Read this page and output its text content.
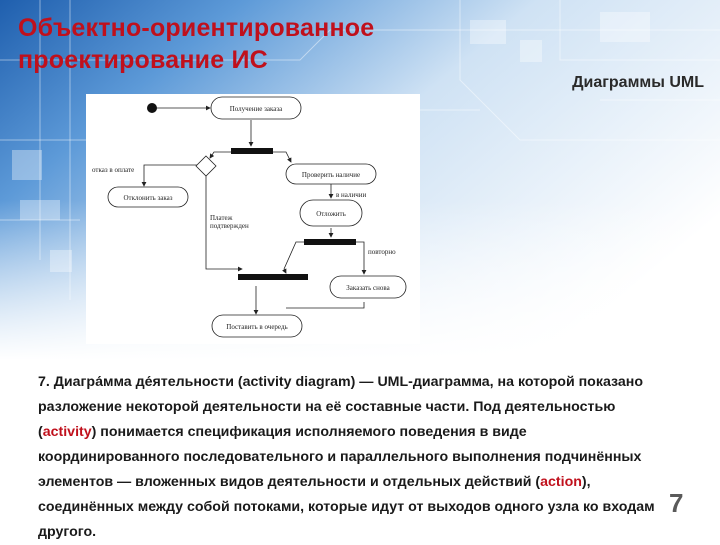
Объектно-ориентированное
проектирование ИС
Диаграммы UML
Получение заказа
отказ в оплате
Проверить наличие
в наличии
Отклонить заказ
Отложить
Платеж
подтвержден
повторно
Заказать снова
Поставить в очередь

7. Диагра́мма де́ятельности (activity diagram) — UML-диаграмма, на которой показано разложение некоторой деятельности на её составные части. Под деятельностью (activity) понимается спецификация исполняемого поведения в виде координированного последовательного и параллельного выполнения подчинённых элементов — вложенных видов деятельности и отдельных действий (action), соединённых между собой потоками, которые идут от выходов одного узла ко входам другого.

7
